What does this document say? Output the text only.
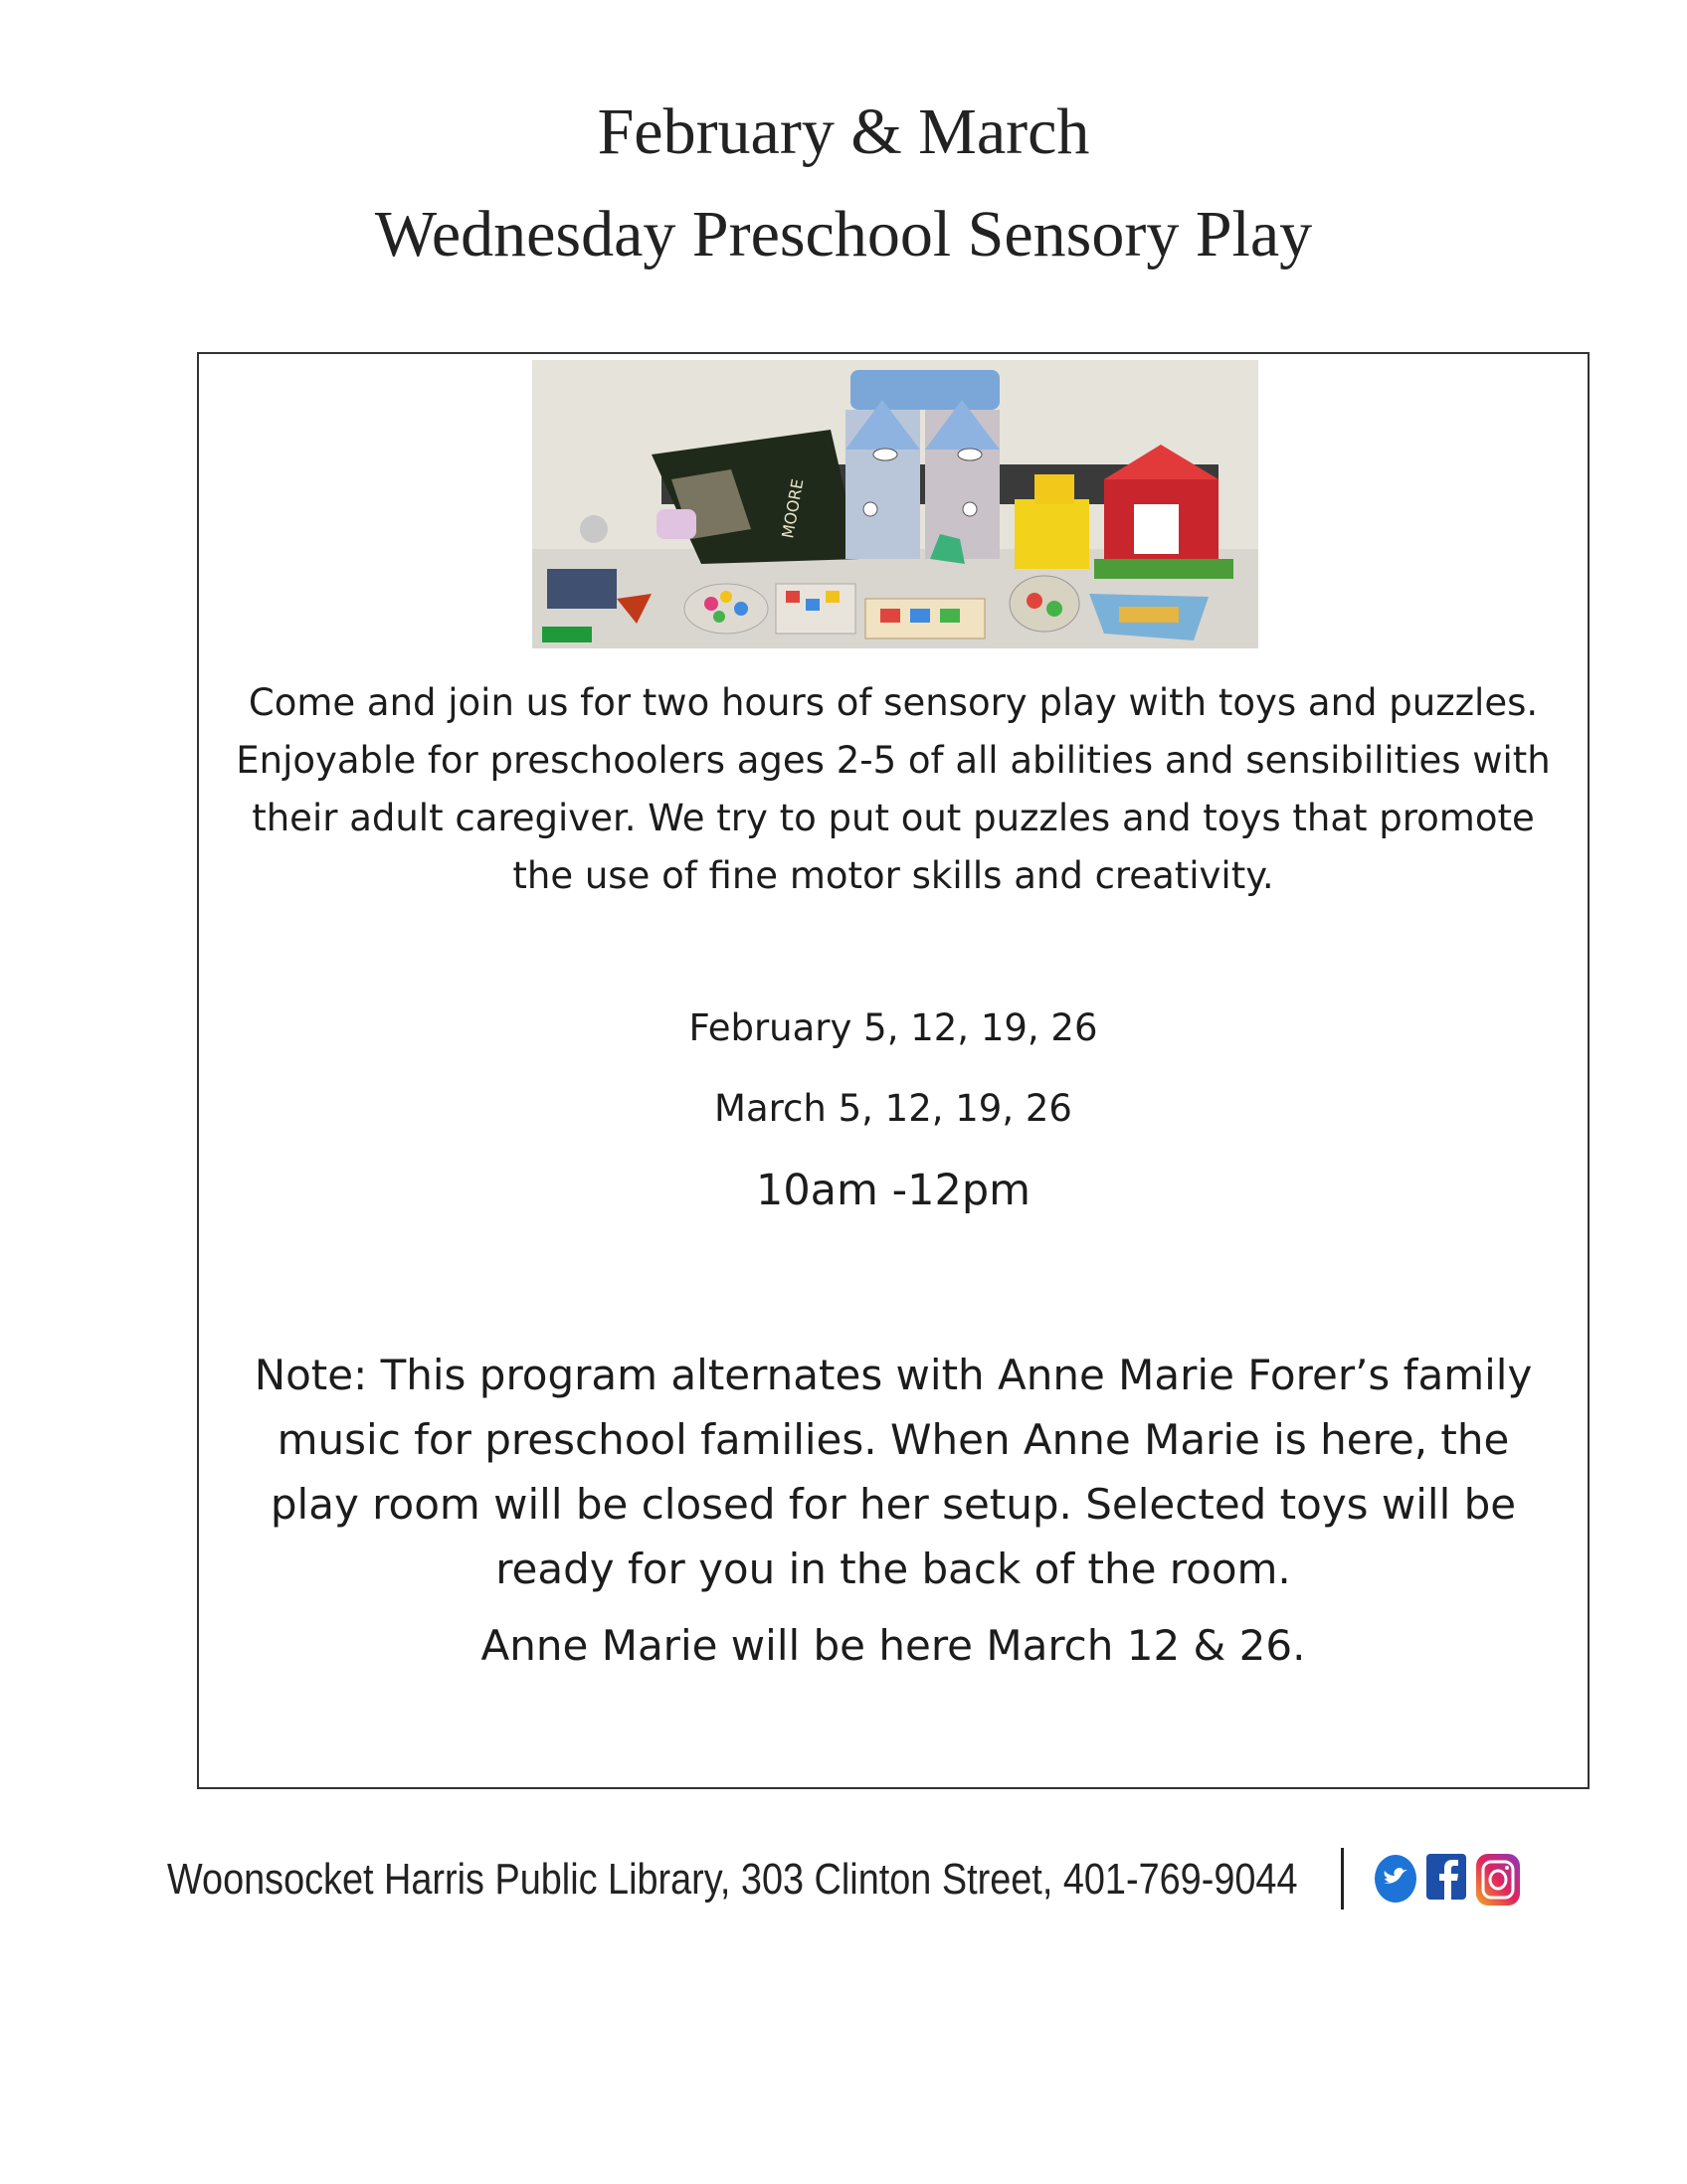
February & March
Wednesday Preschool Sensory Play
MOORE
Come and join us for two hours of sensory play with toys and puzzles. Enjoyable for preschoolers ages 2-5 of all abilities and sensibilities with their adult caregiver. We try to put out puzzles and toys that promote the use of fine motor skills and creativity.
February 5, 12, 19, 26
March 5, 12, 19, 26
10am -12pm
Note: This program alternates with Anne Marie Forer’s family music for preschool families. When Anne Marie is here, the play room will be closed for her setup. Selected toys will be ready for you in the back of the room.
Anne Marie will be here March 12 & 26.
Woonsocket Harris Public Library, 303 Clinton Street, 401-769-9044
